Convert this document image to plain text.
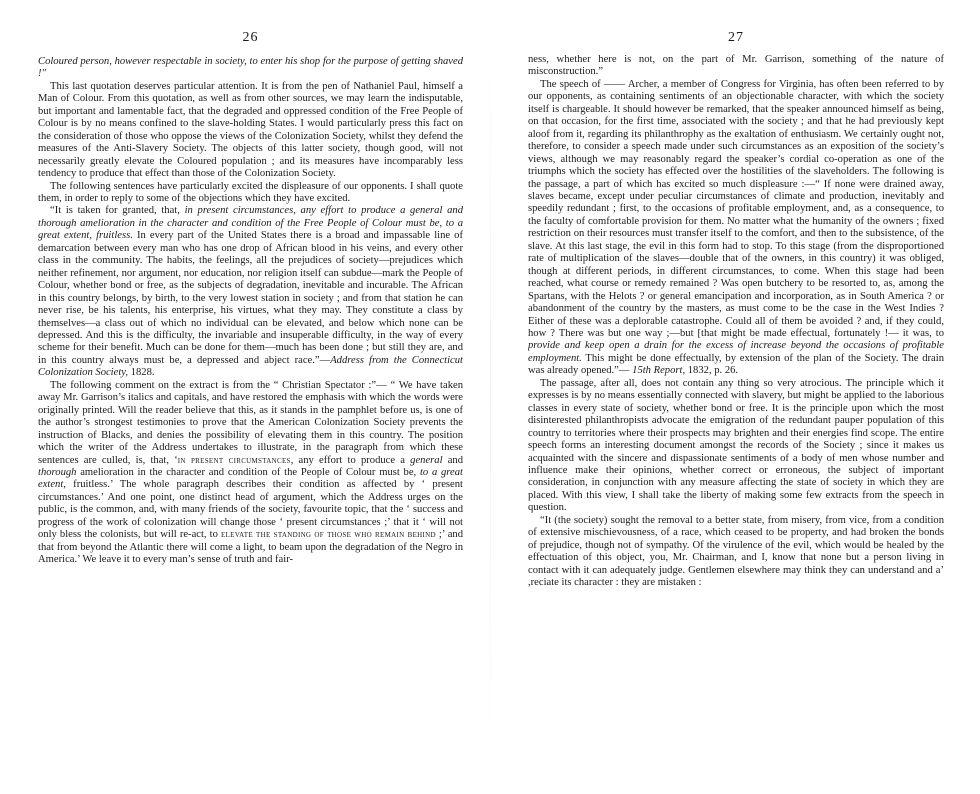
26

Coloured person, however respectable in society, to enter his shop for the purpose of getting shaved !"

This last quotation deserves particular attention. It is from the pen of Nathaniel Paul, himself a Man of Colour. From this quotation, as well as from other sources, we may learn the indisputable, but important and lamentable fact, that the degraded and oppressed condition of the Free People of Colour is by no means confined to the slave-holding States. I would particularly press this fact on the consideration of those who oppose the views of the Colonization Society, whilst they defend the measures of the Anti-Slavery Society. The objects of this latter society, though good, will not necessarily greatly elevate the Coloured population ; and its measures have incomparably less tendency to produce that effect than those of the Colonization Society.

The following sentences have particularly excited the displeasure of our opponents. I shall quote them, in order to reply to some of the objections which they have excited.

“It is taken for granted, that, in present circumstances, any effort to produce a general and thorough amelioration in the character and condition of the Free People of Colour must be, to a great extent, fruitless. In every part of the United States there is a broad and impassable line of demarcation between every man who has one drop of African blood in his veins, and every other class in the community. The habits, the feelings, all the prejudices of society—prejudices which neither refinement, nor argument, nor education, nor religion itself can subdue—mark the People of Colour, whether bond or free, as the subjects of degradation, inevitable and incurable. The African in this country belongs, by birth, to the very lowest station in society ; and from that station he can never rise, be his talents, his enterprise, his virtues, what they may. They constitute a class by themselves—a class out of which no individual can be elevated, and below which none can be depressed. And this is the difficulty, the invariable and insuperable difficulty, in the way of every scheme for their benefit. Much can be done for them—much has been done ; but still they are, and in this country always must be, a depressed and abject race.”—Address from the Connecticut Colonization Society, 1828.

The following comment on the extract is from the “ Christian Spectator :”— “ We have taken away Mr. Garrison’s italics and capitals, and have restored the emphasis with which the words were originally printed. Will the reader believe that this, as it stands in the pamphlet before us, is one of the author’s strongest testimonies to prove that the American Colonization Society prevents the instruction of Blacks, and denies the possibility of elevating them in this country. The position which the writer of the Address undertakes to illustrate, in the paragraph from which these sentences are culled, is, that, ‘in present circumstances, any effort to produce a general and thorough amelioration in the character and condition of the People of Colour must be, to a great extent, fruitless.’ The whole paragraph describes their condition as affected by ‘ present circumstances.’ And one point, one distinct head of argument, which the Address urges on the public, is the common, and, with many friends of the society, favourite topic, that the ‘ success and progress of the work of colonization will change those ‘ present circumstances ;’ that it ‘ will not only bless the colonists, but will re-act, to elevate the standing of those who remain behind ;’ and that from beyond the Atlantic there will come a light, to beam upon the degradation of the Negro in America.’ We leave it to every man’s sense of truth and fair-

27

ness, whether here is not, on the part of Mr. Garrison, something of the nature of misconstruction.”

The speech of —— Archer, a member of Congress for Virginia, has often been referred to by our opponents, as containing sentiments of an objectionable character, with which the society itself is chargeable. It should however be remarked, that the speaker announced himself as being, on that occasion, for the first time, associated with the society ; and that he had previously kept aloof from it, regarding its philanthrophy as the exaltation of enthusiasm. We certainly ought not, therefore, to consider a speech made under such circumstances as an exposition of the society’s views, although we may reasonably regard the speaker’s cordial co-operation as one of the triumphs which the society has effected over the hostilities of the slaveholders. The following is the passage, a part of which has excited so much displeasure :—“ If none were drained away, slaves became, except under peculiar circumstances of climate and production, inevitably and speedily redundant ; first, to the occasions of profitable employment, and, as a consequence, to the faculty of comfortable provision for them. No matter what the humanity of the owners ; fixed restriction on their resources must transfer itself to the comfort, and then to the subsistence, of the slave. At this last stage, the evil in this form had to stop. To this stage (from the disproportioned rate of multiplication of the slaves—double that of the owners, in this country) it was obliged, though at different periods, in different circumstances, to come. When this stage had been reached, what course or remedy remained ? Was open butchery to be resorted to, as, among the Spartans, with the Helots ? or general emancipation and incorporation, as in South America ? or abandonment of the country by the masters, as must come to be the case in the West Indies ? Either of these was a deplorable catastrophe. Could all of them be avoided ? and, if they could, how ? There was but one way ;—but [that might be made effectual, fortunately !— it was, to provide and keep open a drain for the excess of increase beyond the occasions of profitable employment. This might be done effectually, by extension of the plan of the Society. The drain was already opened.”— 15th Report, 1832, p. 26.

The passage, after all, does not contain any thing so very atrocious. The principle which it expresses is by no means essentially connected with slavery, but might be applied to the laborious classes in every state of society, whether bond or free. It is the principle upon which the most disinterested philanthropists advocate the emigration of the redundant pauper population of this country to territories where their prospects may brighten and their energies find scope. The entire speech forms an interesting document amongst the records of the Society ; since it makes us acquainted with the sincere and dispassionate sentiments of a body of men whose number and influence make their opinions, whether correct or erroneous, the subject of important consideration, in conjunction with any measure affecting the state of society in which they are placed. With this view, I shall take the liberty of making some few extracts from the speech in question.

“It (the society) sought the removal to a better state, from misery, from vice, from a condition of extensive mischievousness, of a race, which ceased to be property, and had broken the bonds of prejudice, though not of sympathy. Of the virulence of the evil, which would be healed by the effectuation of this object, you, Mr. Chairman, and I, know that none but a person living in contact with it can adequately judge. Gentlemen elsewhere may think they can understand and a’ ,reciate its character : they are mistaken :
